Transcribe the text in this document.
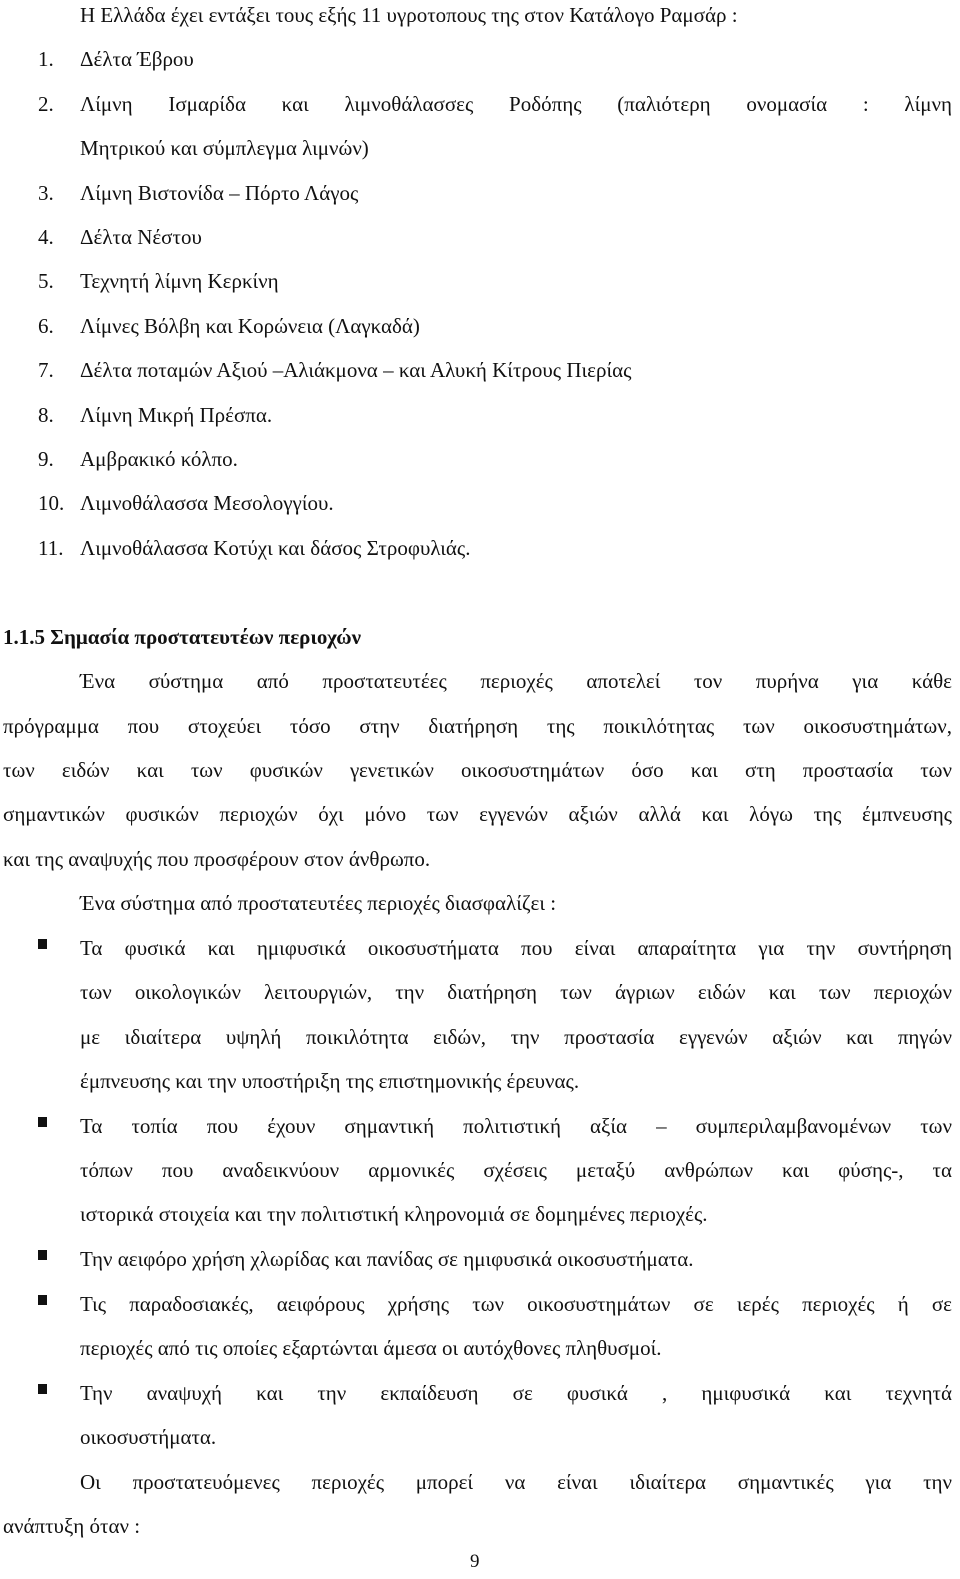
Η Ελλάδα έχει εντάξει τους εξής 11 υγροτοπους της στον Κατάλογο Ραμσάρ :
1. Δέλτα Έβρου
2. Λίμνη Ισμαρίδα και λιμνοθάλασσες Ροδόπης (παλιότερη ονομασία : λίμνη
Μητρικού και σύμπλεγμα λιμνών)
3. Λίμνη Βιστονίδα – Πόρτο Λάγος
4. Δέλτα Νέστου
5. Τεχνητή λίμνη Κερκίνη
6. Λίμνες Βόλβη και Κορώνεια (Λαγκαδά)
7. Δέλτα ποταμών Αξιού –Αλιάκμονα – και Αλυκή Κίτρους Πιερίας
8. Λίμνη Μικρή Πρέσπα.
9. Αμβρακικό κόλπο.
10. Λιμνοθάλασσα Μεσολογγίου.
11. Λιμνοθάλασσα Κοτύχι και δάσος Στροφυλιάς.
1.1.5 Σημασία προστατευτέων περιοχών
Ένα σύστημα από προστατευτέες περιοχές αποτελεί τον πυρήνα για κάθε
πρόγραμμα που στοχεύει τόσο στην διατήρηση της ποικιλότητας των οικοσυστημάτων,
των ειδών και των φυσικών γενετικών οικοσυστημάτων όσο και στη προστασία των
σημαντικών φυσικών περιοχών όχι μόνο των εγγενών αξιών αλλά και λόγω της έμπνευσης
και της αναψυχής που προσφέρουν στον άνθρωπο.
Ένα σύστημα από προστατευτέες περιοχές διασφαλίζει :
Τα φυσικά και ημιφυσικά οικοσυστήματα που είναι απαραίτητα για την συντήρηση
των οικολογικών λειτουργιών, την διατήρηση των άγριων ειδών και των περιοχών
με ιδιαίτερα υψηλή ποικιλότητα ειδών, την προστασία εγγενών αξιών και πηγών
έμπνευσης και την υποστήριξη της επιστημονικής έρευνας.
Τα τοπία που έχουν σημαντική πολιτιστική αξία – συμπεριλαμβανομένων των
τόπων που αναδεικνύουν αρμονικές σχέσεις μεταξύ ανθρώπων και φύσης-, τα
ιστορικά στοιχεία και την πολιτιστική κληρονομιά σε δομημένες περιοχές.
Την αειφόρο χρήση χλωρίδας και πανίδας σε ημιφυσικά οικοσυστήματα.
Τις παραδοσιακές, αειφόρους χρήσης των οικοσυστημάτων σε ιερές περιοχές ή σε
περιοχές από τις οποίες εξαρτώνται άμεσα οι αυτόχθονες πληθυσμοί.
Την αναψυχή και την εκπαίδευση σε φυσικά , ημιφυσικά και τεχνητά
οικοσυστήματα.
Οι προστατευόμενες περιοχές μπορεί να είναι ιδιαίτερα σημαντικές για την
ανάπτυξη όταν :
9
